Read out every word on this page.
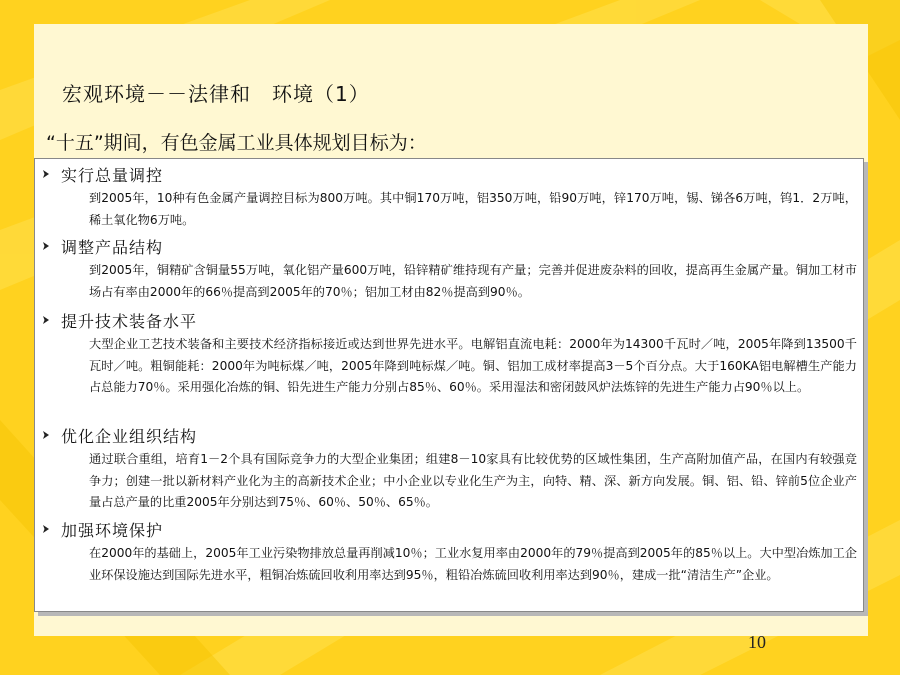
宏观环境－－法律和　环境（1）
“十五”期间，有色金属工业具体规划目标为：
实行总量调控
到2005年，10种有色金属产量调控目标为800万吨。其中铜170万吨，铝350万吨，铅90万吨，锌170万吨，锡、锑各6万吨，钨1．2万吨，稀土氧化物6万吨。
调整产品结构
到2005年，铜精矿含铜量55万吨，氧化铝产量600万吨，铅锌精矿维持现有产量；完善并促进废杂料的回收，提高再生金属产量。铜加工材市场占有率由2000年的66％提高到2005年的70％；铝加工材由82％提高到90％。
提升技术装备水平
大型企业工艺技术装备和主要技术经济指标接近或达到世界先进水平。电解铝直流电耗：2000年为14300千瓦时／吨，2005年降到13500千瓦时／吨。粗铜能耗：2000年为吨标煤／吨，2005年降到吨标煤／吨。铜、铝加工成材率提高3－5个百分点。大于160KA铝电解槽生产能力占总能力70％。采用强化冶炼的铜、铅先进生产能力分别占85％、60％。采用湿法和密闭鼓风炉法炼锌的先进生产能力占90％以上。
优化企业组织结构
通过联合重组，培育1－2个具有国际竞争力的大型企业集团；组建8－10家具有比较优势的区域性集团，生产高附加值产品，在国内有较强竞争力；创建一批以新材料产业化为主的高新技术企业；中小企业以专业化生产为主，向特、精、深、新方向发展。铜、铝、铅、锌前5位企业产量占总产量的比重2005年分别达到75％、60％、50％、65％。
加强环境保护
在2000年的基础上，2005年工业污染物排放总量再削减10％；工业水复用率由2000年的79％提高到2005年的85％以上。大中型冶炼加工企业环保设施达到国际先进水平，粗铜冶炼硫回收利用率达到95％，粗铅冶炼硫回收利用率达到90％，建成一批“清洁生产”企业。
10
